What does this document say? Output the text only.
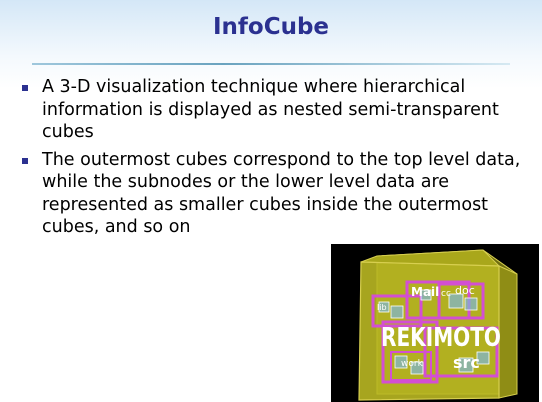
InfoCube
A 3-D visualization technique where hierarchical information is displayed as nested semi-transparent cubes
The outermost cubes correspond to the top level data, while the subnodes or the lower level data are represented as smaller cubes inside the outermost cubes, and so on
Mail cc doc
lib
REKIMOTO
src
work
